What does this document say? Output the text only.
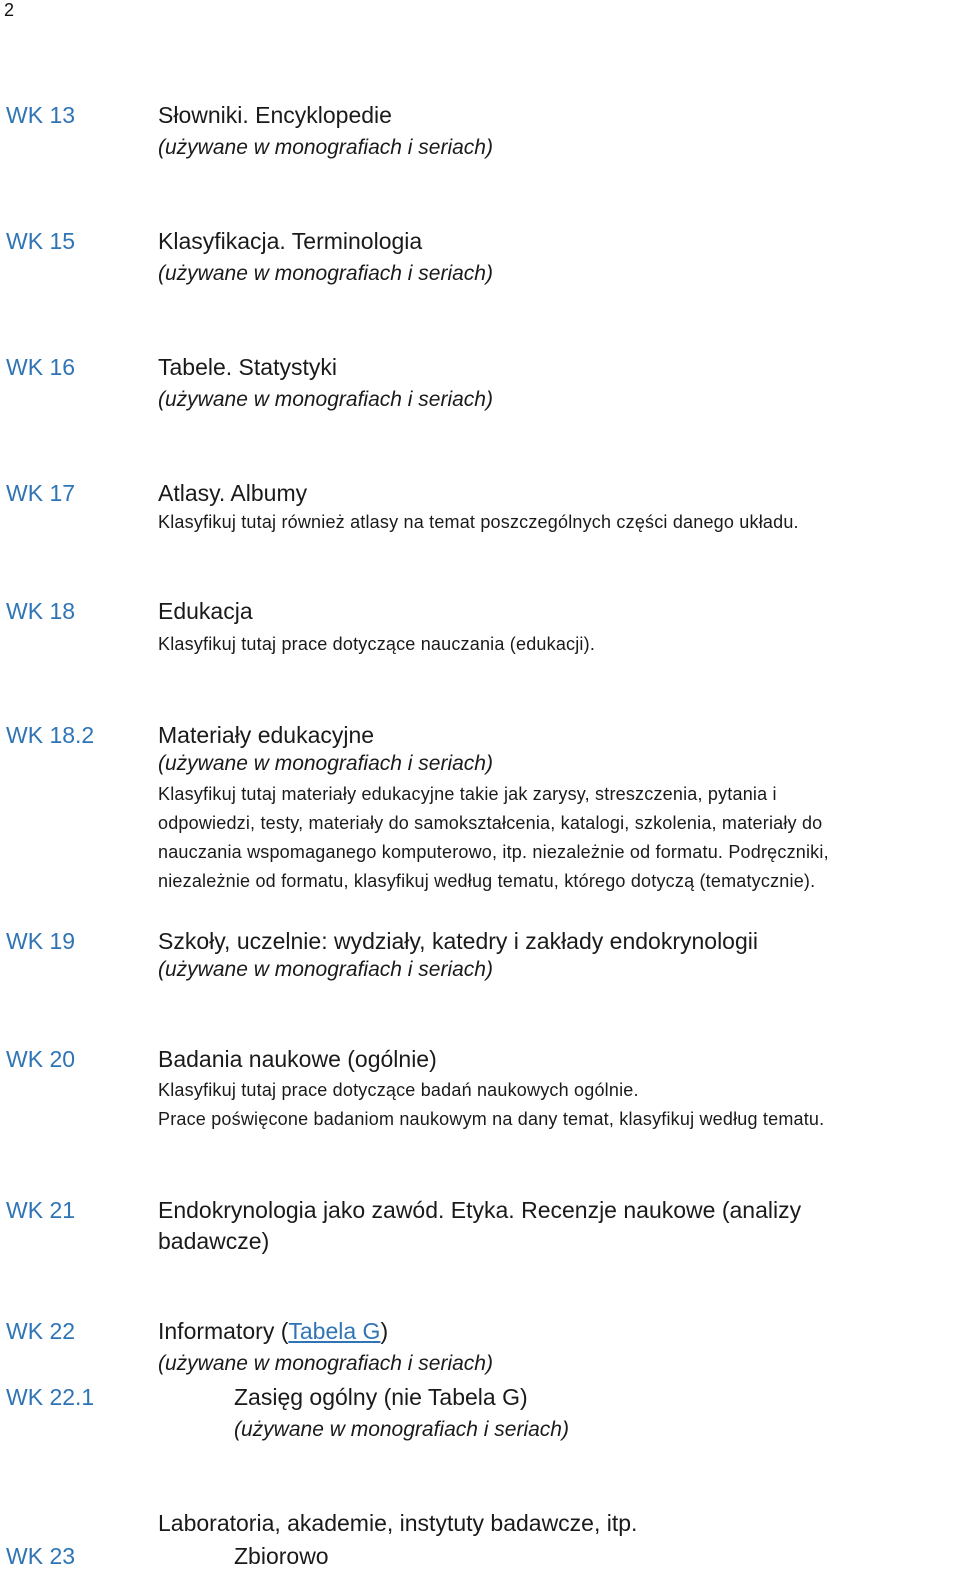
2
WK 13	Słowniki. Encyklopedie
(używane w monografiach i seriach)
WK 15	Klasyfikacja. Terminologia
(używane w monografiach i seriach)
WK 16	Tabele. Statystyki
(używane w monografiach i seriach)
WK 17	Atlasy. Albumy
Klasyfikuj tutaj również atlasy na temat poszczególnych części danego układu.
WK 18	Edukacja
Klasyfikuj tutaj prace dotyczące nauczania (edukacji).
WK 18.2	Materiały edukacyjne
(używane w monografiach i seriach)
Klasyfikuj tutaj materiały edukacyjne takie jak zarysy, streszczenia, pytania i
odpowiedzi, testy, materiały do samokształcenia, katalogi, szkolenia, materiały do
nauczania wspomaganego komputerowo, itp. niezależnie od formatu. Podręczniki,
niezależnie od formatu, klasyfikuj według tematu, którego dotyczą (tematycznie).
WK 19	Szkoły, uczelnie: wydziały, katedry i zakłady endokrynologii
(używane w monografiach i seriach)
WK 20	Badania naukowe (ogólnie)
Klasyfikuj tutaj prace dotyczące badań naukowych ogólnie.
Prace poświęcone badaniom naukowym na dany temat, klasyfikuj według tematu.
WK 21	Endokrynologia jako zawód. Etyka. Recenzje naukowe (analizy
badawcze)
WK 22	Informatory (Tabela G)
(używane w monografiach i seriach)
WK 22.1	Zasięg ogólny (nie Tabela G)
(używane w monografiach i seriach)
Laboratoria, akademie, instytuty badawcze, itp.
WK 23	Zbiorowo
